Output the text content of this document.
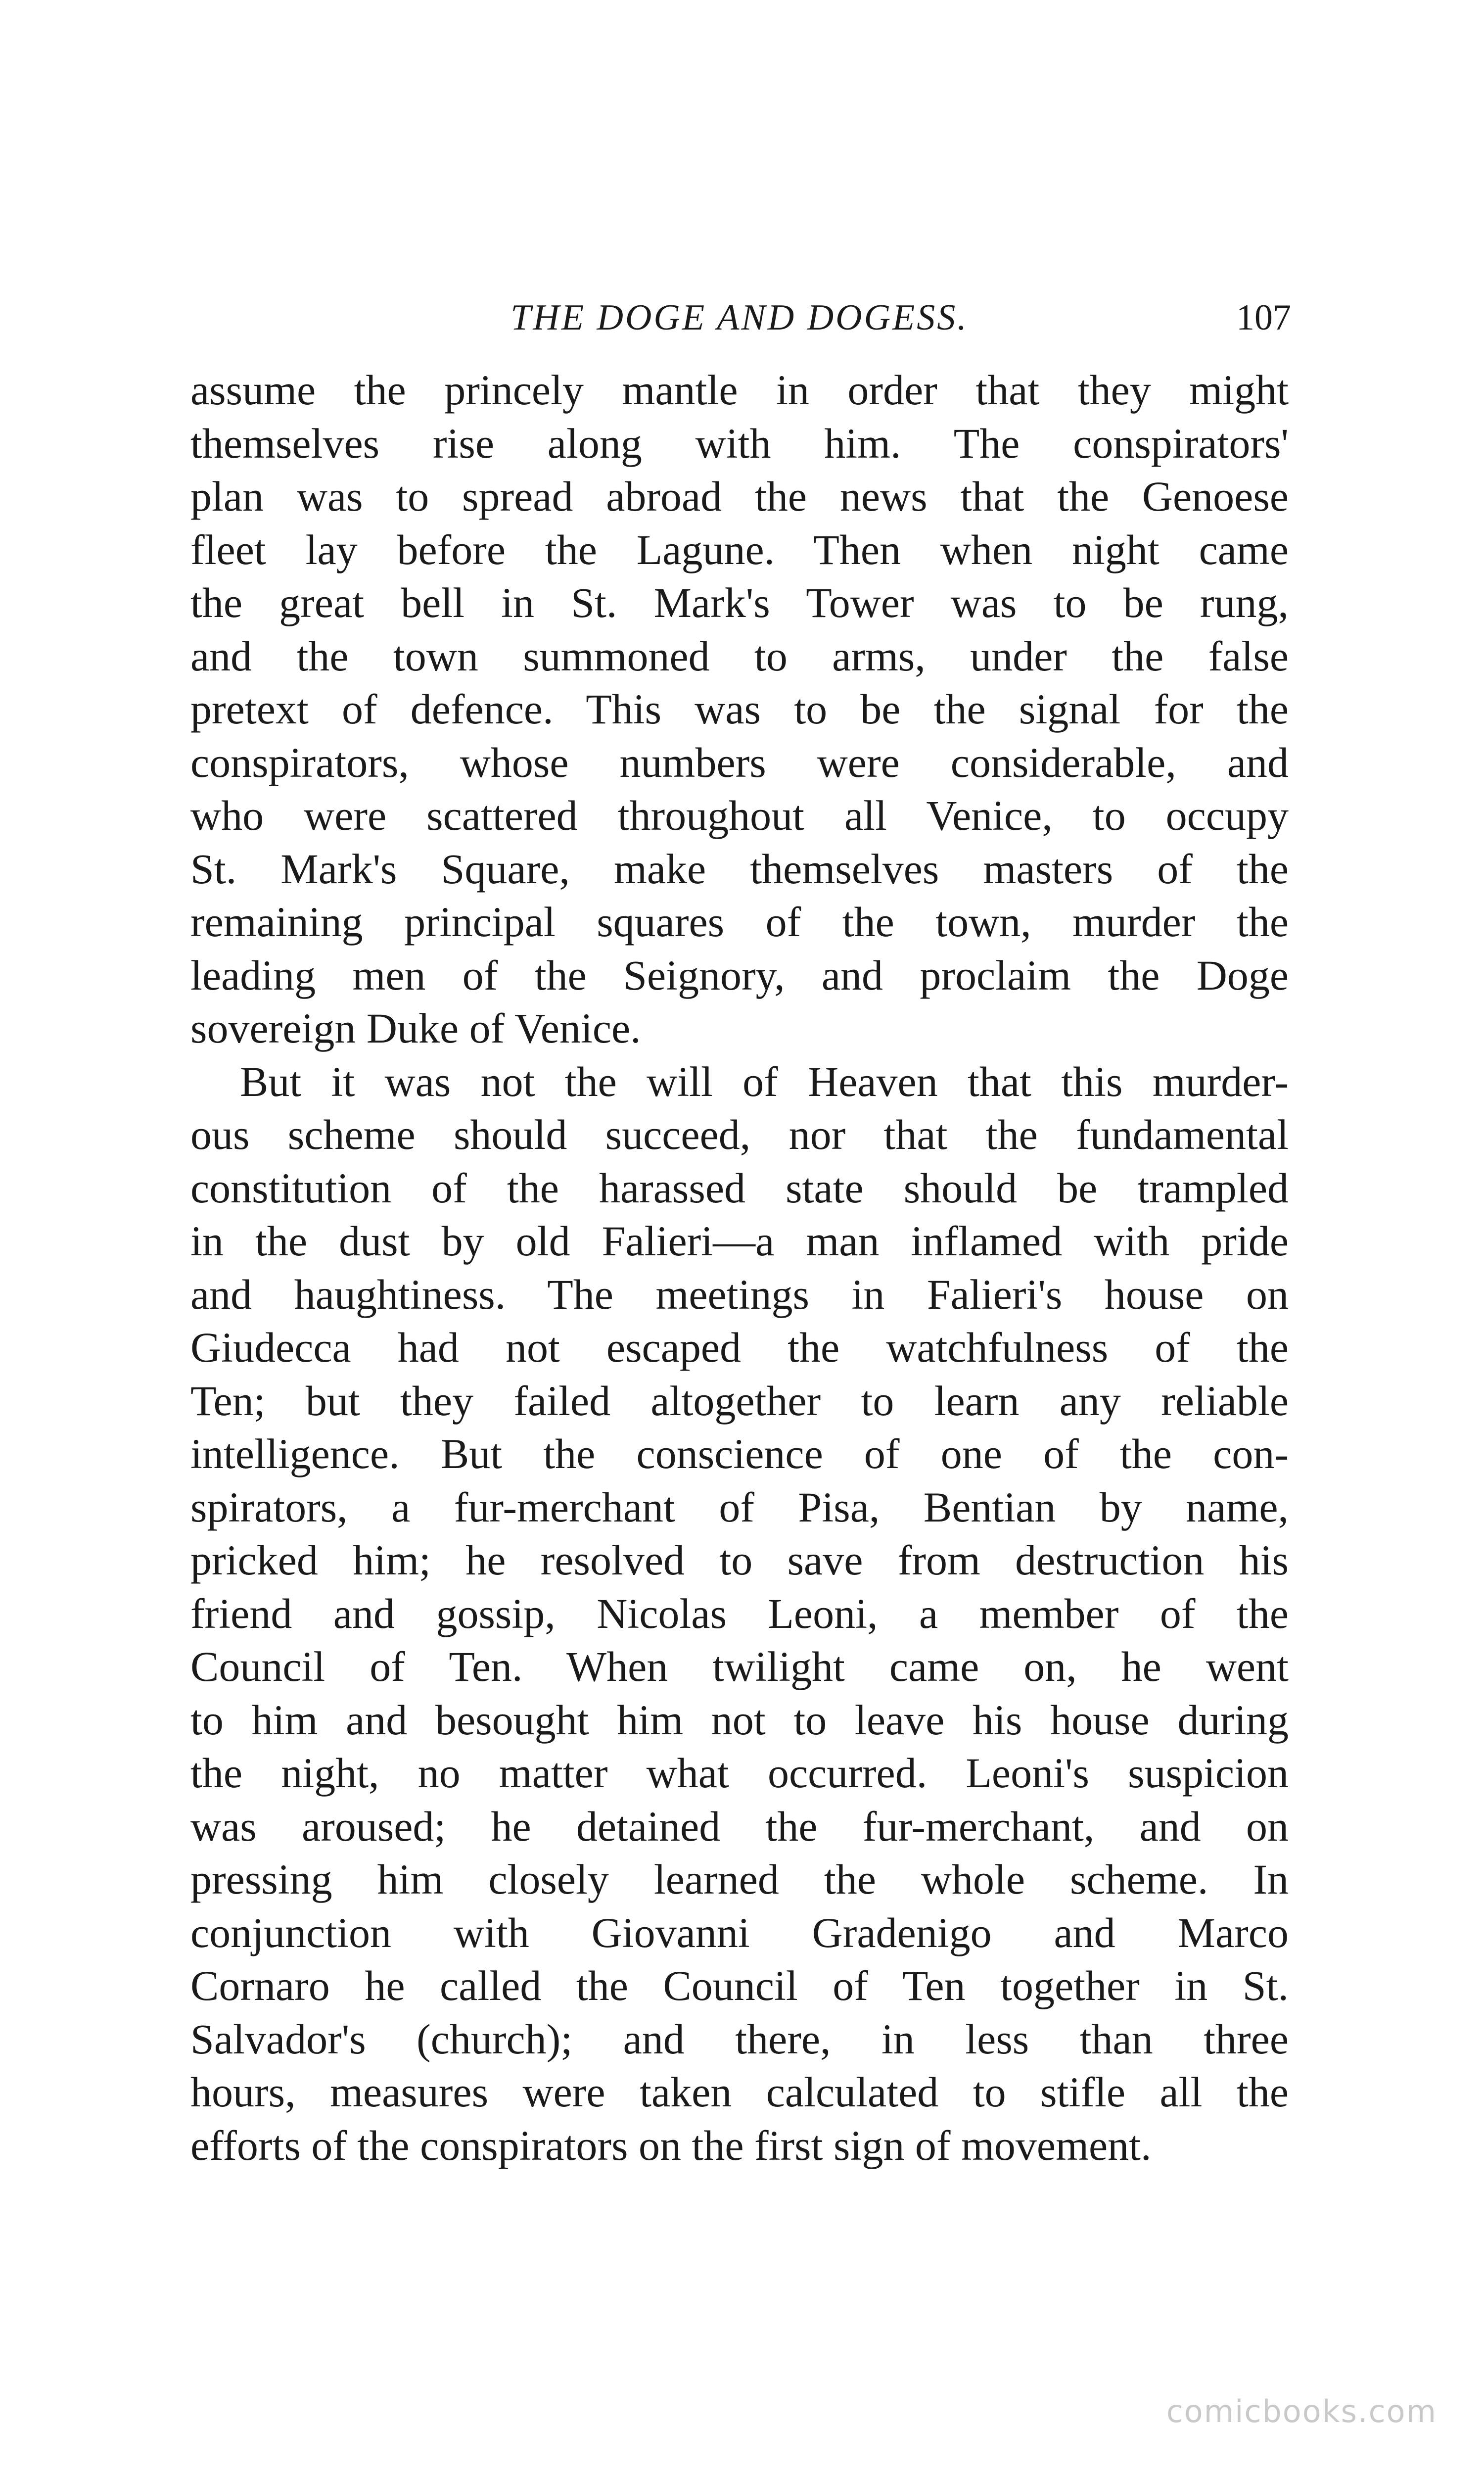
THE DOGE AND DOGESS.	107
assume the princely mantle in order that they might
themselves rise along with him. The conspirators'
plan was to spread abroad the news that the Genoese
fleet lay before the Lagune. Then when night came
the great bell in St. Mark's Tower was to be rung,
and the town summoned to arms, under the false
pretext of defence. This was to be the signal for the
conspirators, whose numbers were considerable, and
who were scattered throughout all Venice, to occupy
St. Mark's Square, make themselves masters of the
remaining principal squares of the town, murder the
leading men of the Seignory, and proclaim the Doge
sovereign Duke of Venice.
But it was not the will of Heaven that this murder-
ous scheme should succeed, nor that the fundamental
constitution of the harassed state should be trampled
in the dust by old Falieri—a man inflamed with pride
and haughtiness. The meetings in Falieri's house on
Giudecca had not escaped the watchfulness of the
Ten; but they failed altogether to learn any reliable
intelligence. But the conscience of one of the con-
spirators, a fur-merchant of Pisa, Bentian by name,
pricked him; he resolved to save from destruction his
friend and gossip, Nicolas Leoni, a member of the
Council of Ten. When twilight came on, he went
to him and besought him not to leave his house during
the night, no matter what occurred. Leoni's suspicion
was aroused; he detained the fur-merchant, and on
pressing him closely learned the whole scheme. In
conjunction with Giovanni Gradenigo and Marco
Cornaro he called the Council of Ten together in St.
Salvador's (church); and there, in less than three
hours, measures were taken calculated to stifle all the
efforts of the conspirators on the first sign of movement.
comicbooks.com
